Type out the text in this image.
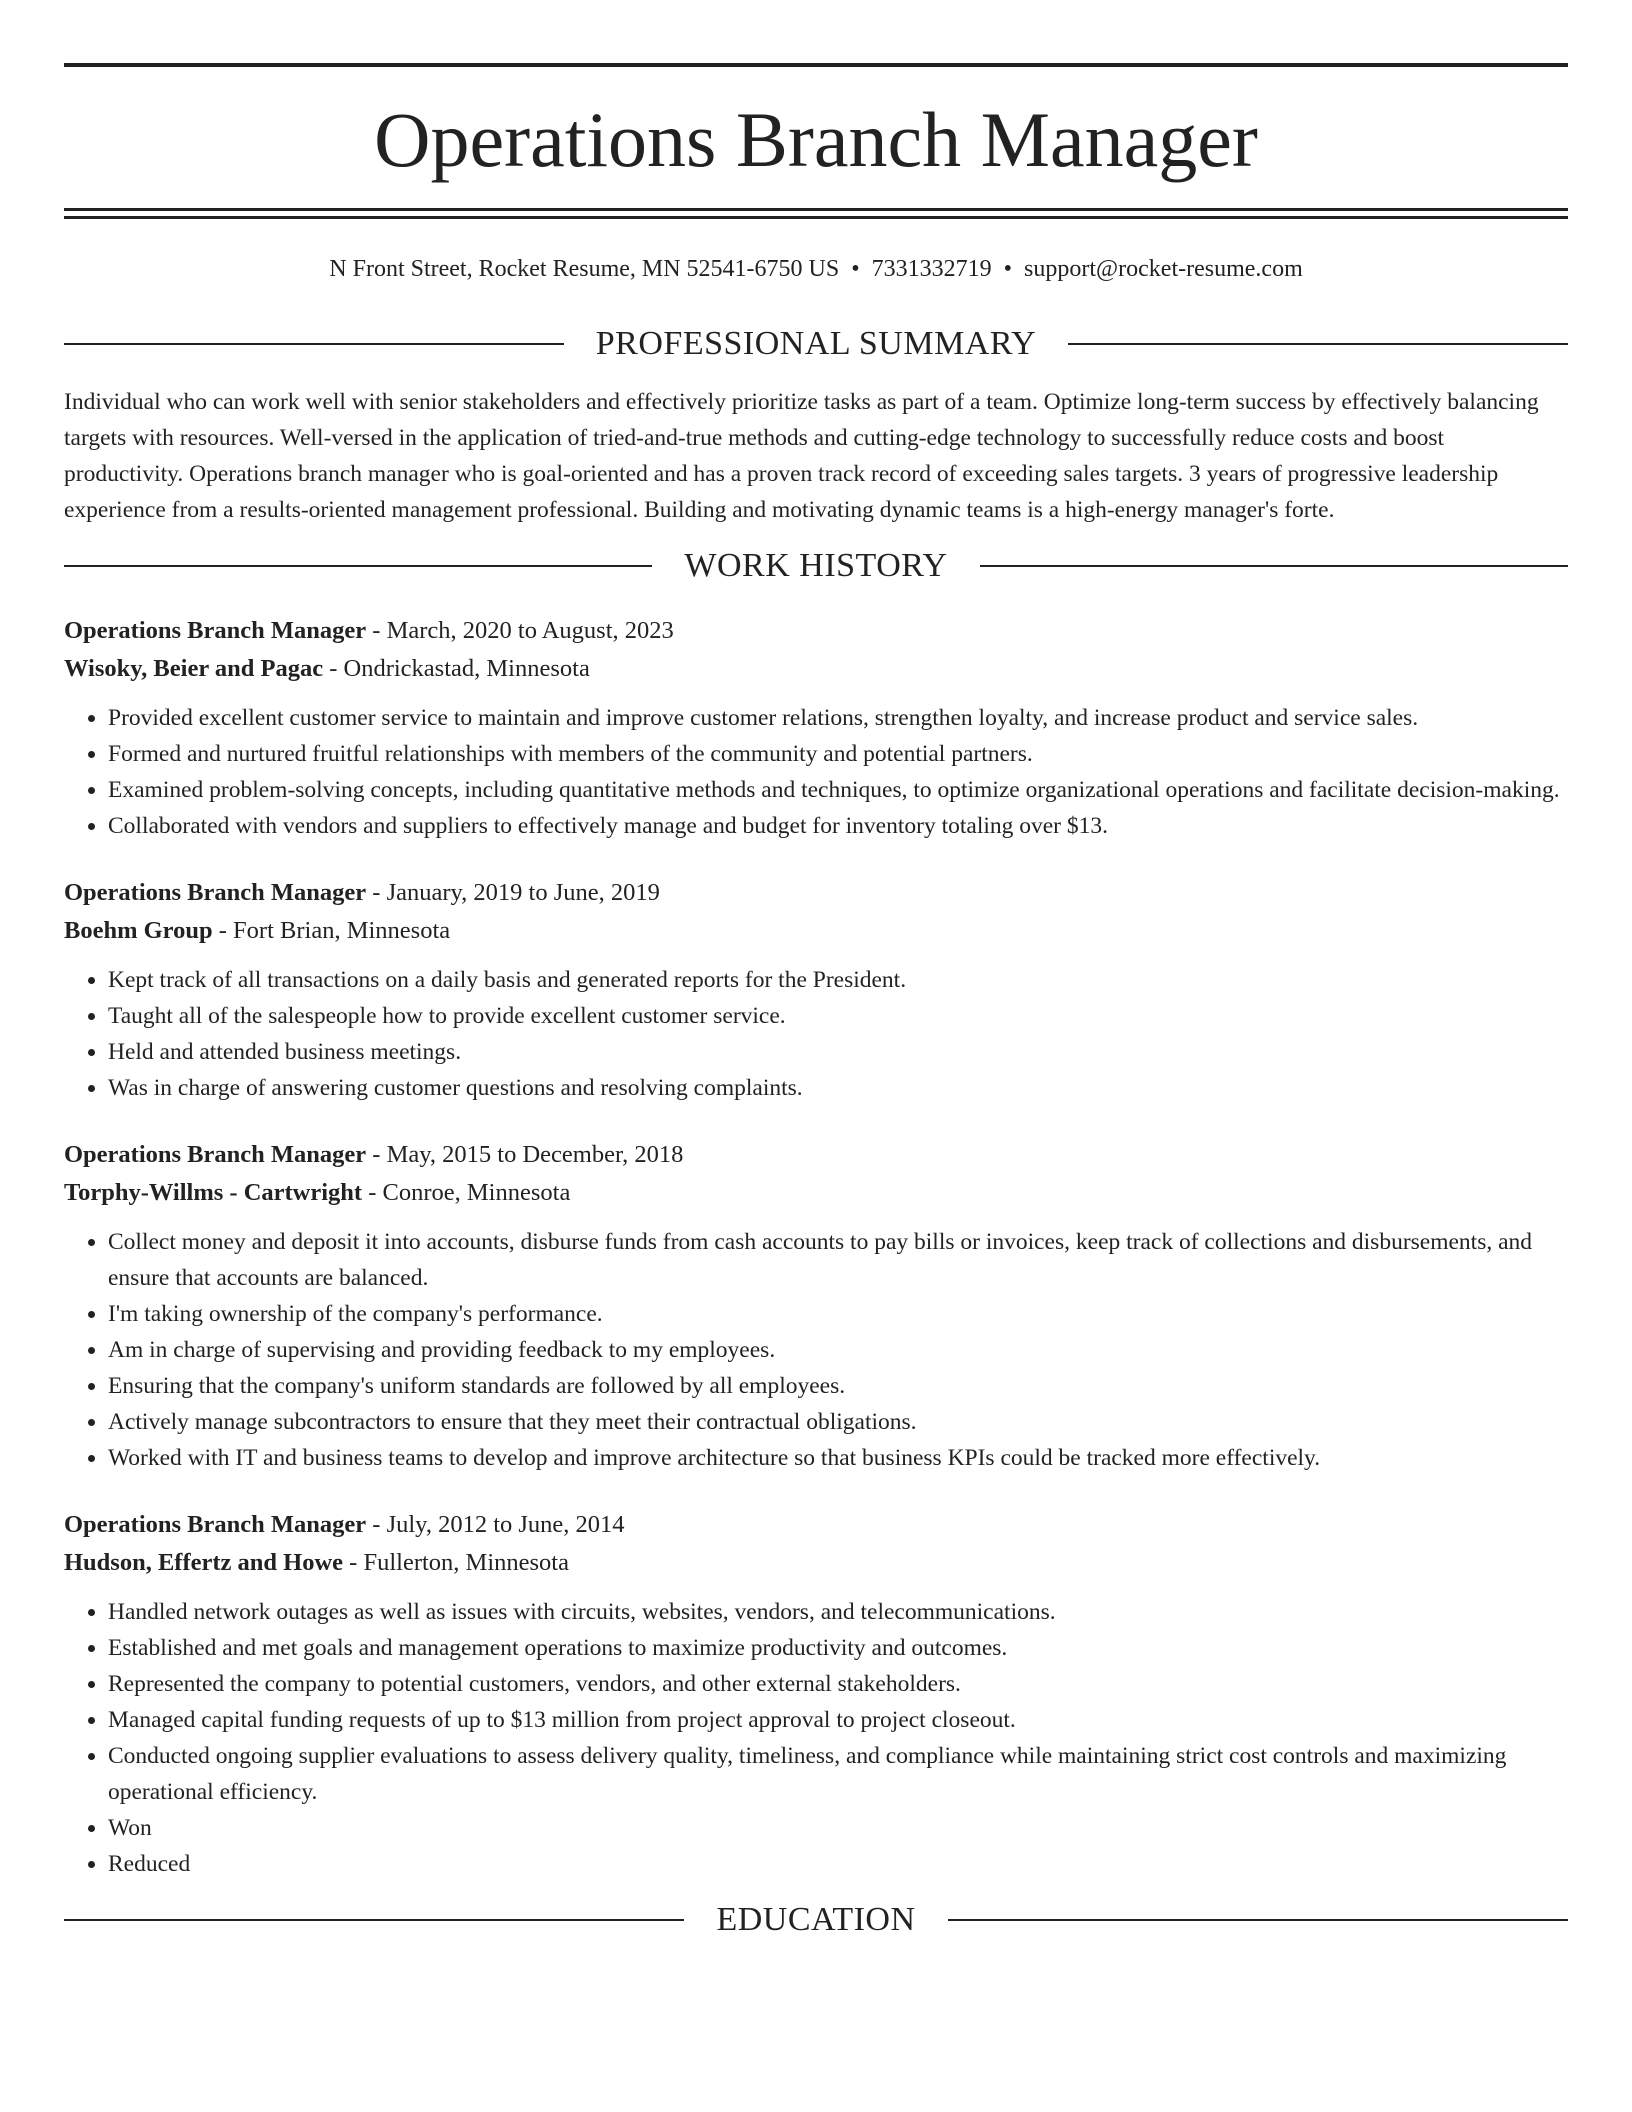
Operations Branch Manager
N Front Street, Rocket Resume, MN 52541-6750 US • 7331332719 • support@rocket-resume.com
PROFESSIONAL SUMMARY

Individual who can work well with senior stakeholders and effectively prioritize tasks as part of a team. Optimize long-term success by effectively balancing targets with resources. Well-versed in the application of tried-and-true methods and cutting-edge technology to successfully reduce costs and boost productivity. Operations branch manager who is goal-oriented and has a proven track record of exceeding sales targets. 3 years of progressive leadership experience from a results-oriented management professional. Building and motivating dynamic teams is a high-energy manager's forte.

WORK HISTORY
Operations Branch Manager - March, 2020 to August, 2023
Wisoky, Beier and Pagac - Ondrickastad, Minnesota
• Provided excellent customer service to maintain and improve customer relations, strengthen loyalty, and increase product and service sales.
• Formed and nurtured fruitful relationships with members of the community and potential partners.
• Examined problem-solving concepts, including quantitative methods and techniques, to optimize organizational operations and facilitate decision-making.
• Collaborated with vendors and suppliers to effectively manage and budget for inventory totaling over $13.
Operations Branch Manager - January, 2019 to June, 2019
Boehm Group - Fort Brian, Minnesota
• Kept track of all transactions on a daily basis and generated reports for the President.
• Taught all of the salespeople how to provide excellent customer service.
• Held and attended business meetings.
• Was in charge of answering customer questions and resolving complaints.
Operations Branch Manager - May, 2015 to December, 2018
Torphy-Willms - Cartwright - Conroe, Minnesota
• Collect money and deposit it into accounts, disburse funds from cash accounts to pay bills or invoices, keep track of collections and disbursements, and ensure that accounts are balanced.
• I'm taking ownership of the company's performance.
• Am in charge of supervising and providing feedback to my employees.
• Ensuring that the company's uniform standards are followed by all employees.
• Actively manage subcontractors to ensure that they meet their contractual obligations.
• Worked with IT and business teams to develop and improve architecture so that business KPIs could be tracked more effectively.
Operations Branch Manager - July, 2012 to June, 2014
Hudson, Effertz and Howe - Fullerton, Minnesota
• Handled network outages as well as issues with circuits, websites, vendors, and telecommunications.
• Established and met goals and management operations to maximize productivity and outcomes.
• Represented the company to potential customers, vendors, and other external stakeholders.
• Managed capital funding requests of up to $13 million from project approval to project closeout.
• Conducted ongoing supplier evaluations to assess delivery quality, timeliness, and compliance while maintaining strict cost controls and maximizing operational efficiency.
• Won
• Reduced
EDUCATION
